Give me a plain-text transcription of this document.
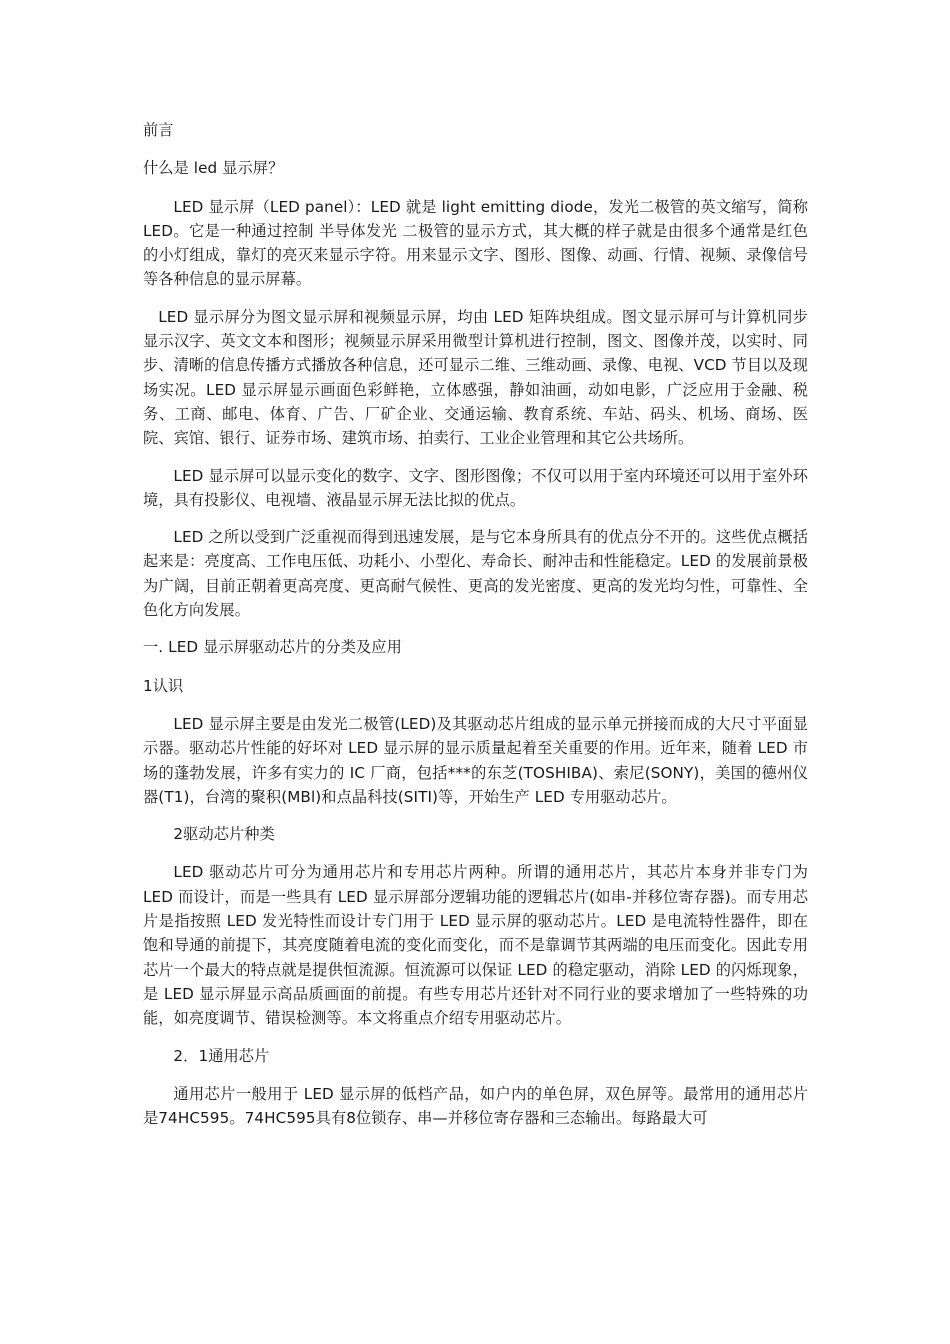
前言

什么是 led 显示屏？

LED 显示屏（LED panel）：LED 就是 light emitting diode，发光二极管的英文缩写，简称 LED。它是一种通过控制 半导体发光 二极管的显示方式，其大概的样子就是由很多个通常是红色的小灯组成，靠灯的亮灭来显示字符。用来显示文字、图形、图像、动画、行情、视频、录像信号等各种信息的显示屏幕。

LED 显示屏分为图文显示屏和视频显示屏，均由 LED 矩阵块组成。图文显示屏可与计算机同步显示汉字、英文文本和图形；视频显示屏采用微型计算机进行控制，图文、图像并茂，以实时、同步、清晰的信息传播方式播放各种信息，还可显示二维、三维动画、录像、电视、VCD 节目以及现场实况。LED 显示屏显示画面色彩鲜艳，立体感强，静如油画，动如电影，广泛应用于金融、税务、工商、邮电、体育、广告、厂矿企业、交通运输、教育系统、车站、码头、机场、商场、医院、宾馆、银行、证券市场、建筑市场、拍卖行、工业企业管理和其它公共场所。

LED 显示屏可以显示变化的数字、文字、图形图像；不仅可以用于室内环境还可以用于室外环境，具有投影仪、电视墙、液晶显示屏无法比拟的优点。

LED 之所以受到广泛重视而得到迅速发展，是与它本身所具有的优点分不开的。这些优点概括起来是：亮度高、工作电压低、功耗小、小型化、寿命长、耐冲击和性能稳定。LED 的发展前景极为广阔，目前正朝着更高亮度、更高耐气候性、更高的发光密度、更高的发光均匀性，可靠性、全色化方向发展。

一. LED 显示屏驱动芯片的分类及应用

1认识

LED 显示屏主要是由发光二极管(LED)及其驱动芯片组成的显示单元拼接而成的大尺寸平面显示器。驱动芯片性能的好坏对 LED 显示屏的显示质量起着至关重要的作用。近年来，随着 LED 市场的蓬勃发展，许多有实力的 IC 厂商，包括***的东芝(TOSHIBA)、索尼(SONY)，美国的德州仪器(T1)，台湾的聚积(MBl)和点晶科技(SITI)等，开始生产 LED 专用驱动芯片。

2驱动芯片种类

LED 驱动芯片可分为通用芯片和专用芯片两种。所谓的通用芯片，其芯片本身并非专门为 LED 而设计，而是一些具有 LED 显示屏部分逻辑功能的逻辑芯片(如串-并移位寄存器)。而专用芯片是指按照 LED 发光特性而设计专门用于 LED 显示屏的驱动芯片。LED 是电流特性器件，即在饱和导通的前提下，其亮度随着电流的变化而变化，而不是靠调节其两端的电压而变化。因此专用芯片一个最大的特点就是提供恒流源。恒流源可以保证 LED 的稳定驱动，消除 LED 的闪烁现象，是 LED 显示屏显示高品质画面的前提。有些专用芯片还针对不同行业的要求增加了一些特殊的功能，如亮度调节、错误检测等。本文将重点介绍专用驱动芯片。

2．1通用芯片

通用芯片一般用于 LED 显示屏的低档产品，如户内的单色屏，双色屏等。最常用的通用芯片是74HC595。74HC595具有8位锁存、串—并移位寄存器和三态输出。每路最大可
